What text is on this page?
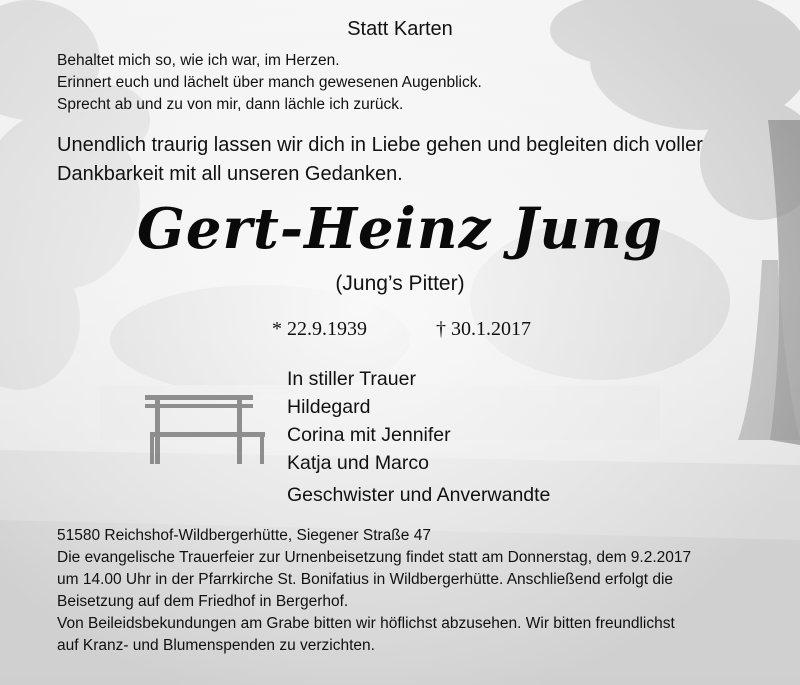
Statt Karten
Behaltet mich so, wie ich war, im Herzen.
Erinnert euch und lächelt über manch gewesenen Augenblick.
Sprecht ab und zu von mir, dann lächle ich zurück.
Unendlich traurig lassen wir dich in Liebe gehen und begleiten dich voller
Dankbarkeit mit all unseren Gedanken.
Gert-Heinz Jung
(Jung’s Pitter)
* 22.9.1939	† 30.1.2017
In stiller Trauer
Hildegard
Corina mit Jennifer
Katja und Marco
Geschwister und Anverwandte
51580 Reichshof-Wildbergerhütte, Siegener Straße 47
Die evangelische Trauerfeier zur Urnenbeisetzung findet statt am Donnerstag, dem 9.2.2017
um 14.00 Uhr in der Pfarrkirche St. Bonifatius in Wildbergerhütte. Anschließend erfolgt die
Beisetzung auf dem Friedhof in Bergerhof.
Von Beileidsbekundungen am Grabe bitten wir höflichst abzusehen. Wir bitten freundlichst
auf Kranz- und Blumenspenden zu verzichten.
